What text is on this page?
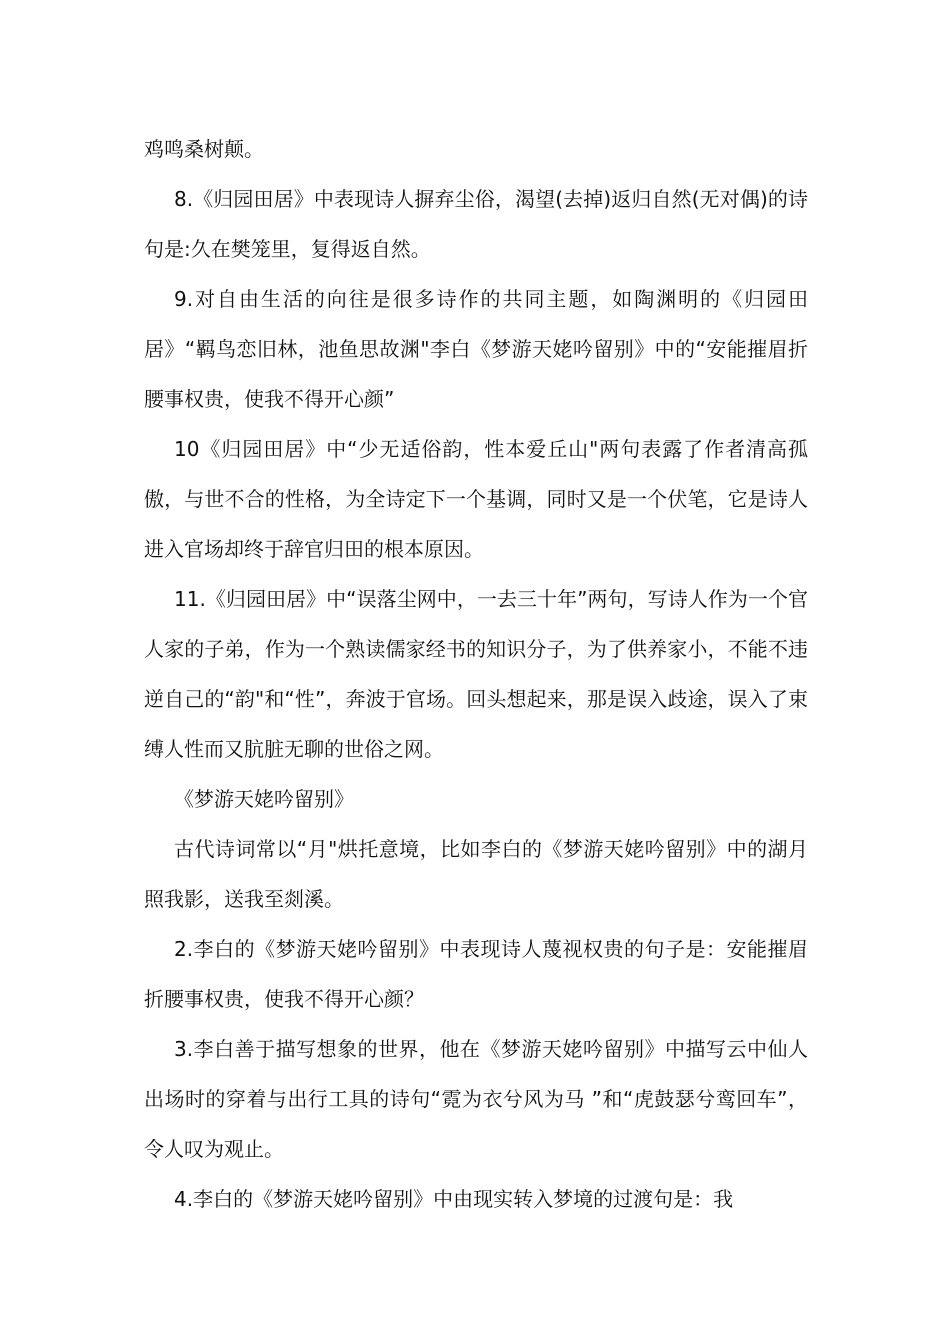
鸡鸣桑树颠。

8.《归园田居》中表现诗人摒弃尘俗，渴望(去掉)返归自然(无对偶)的诗句是:久在樊笼里，复得返自然。

9.对自由生活的向往是很多诗作的共同主题，如陶渊明的《归园田居》“羁鸟恋旧林，池鱼思故渊"李白《梦游天姥吟留别》中的“安能摧眉折腰事权贵，使我不得开心颜”

10《归园田居》中“少无适俗韵，性本爱丘山"两句表露了作者清高孤傲，与世不合的性格，为全诗定下一个基调，同时又是一个伏笔，它是诗人进入官场却终于辞官归田的根本原因。

11.《归园田居》中“误落尘网中，一去三十年”两句，写诗人作为一个官人家的子弟，作为一个熟读儒家经书的知识分子，为了供养家小，不能不违逆自己的“韵"和“性”，奔波于官场。回头想起来，那是误入歧途，误入了束缚人性而又肮脏无聊的世俗之网。

《梦游天姥吟留别》

古代诗词常以“月"烘托意境，比如李白的《梦游天姥吟留别》中的湖月照我影，送我至剡溪。

2.李白的《梦游天姥吟留别》中表现诗人蔑视权贵的句子是：安能摧眉折腰事权贵，使我不得开心颜？

3.李白善于描写想象的世界，他在《梦游天姥吟留别》中描写云中仙人出场时的穿着与出行工具的诗句“霓为衣兮风为马 ”和“虎鼓瑟兮鸾回车”，令人叹为观止。

4.李白的《梦游天姥吟留别》中由现实转入梦境的过渡句是：我
